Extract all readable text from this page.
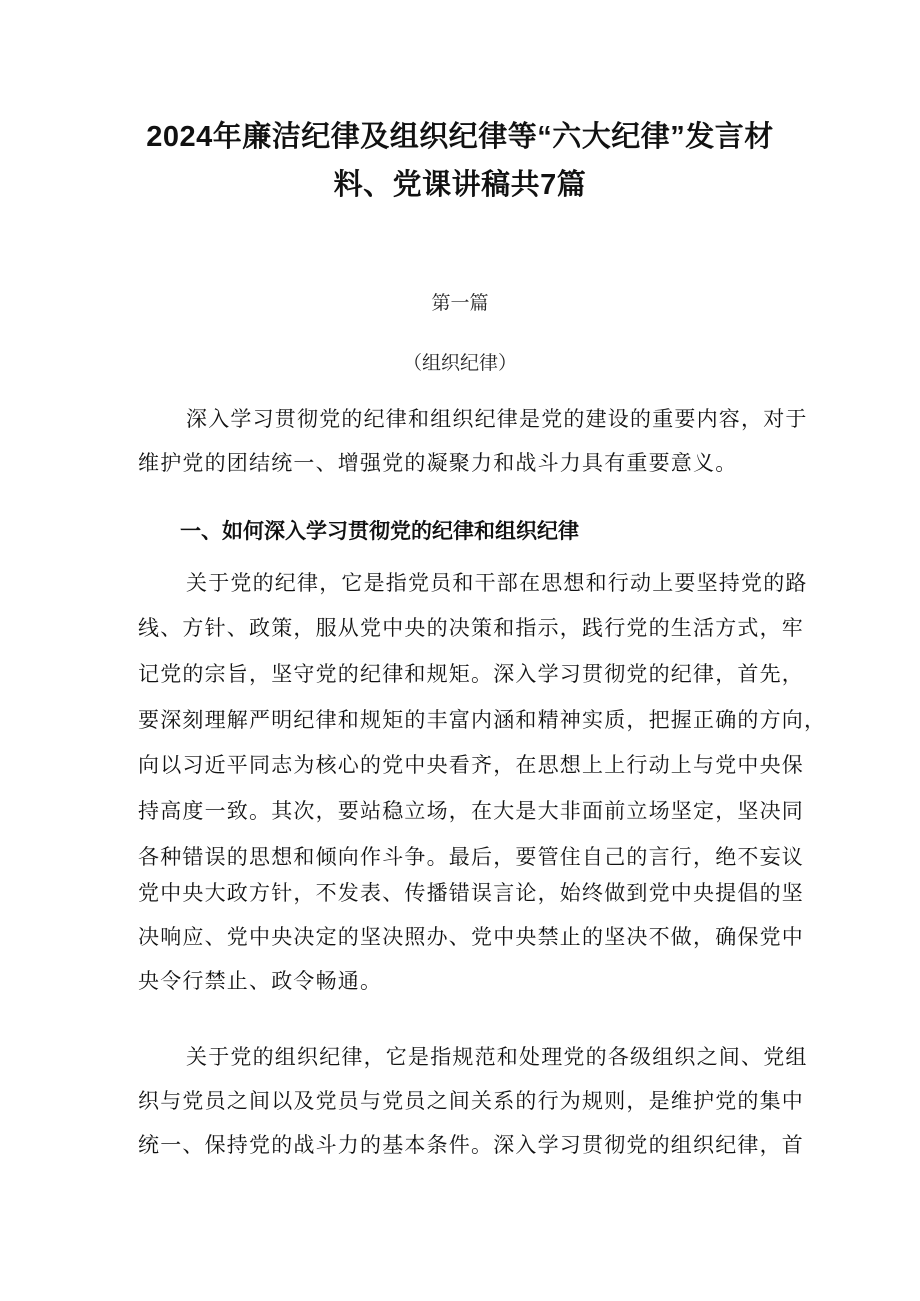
2024年廉洁纪律及组织纪律等“六大纪律”发言材
料、党课讲稿共7篇

第一篇

（组织纪律）

深入学习贯彻党的纪律和组织纪律是党的建设的重要内容，对于

维护党的团结统一、增强党的凝聚力和战斗力具有重要意义。

一、如何深入学习贯彻党的纪律和组织纪律

关于党的纪律，它是指党员和干部在思想和行动上要坚持党的路

线、方针、政策，服从党中央的决策和指示，践行党的生活方式，牢

记党的宗旨，坚守党的纪律和规矩。深入学习贯彻党的纪律，首先，

要深刻理解严明纪律和规矩的丰富内涵和精神实质，把握正确的方向，

向以习近平同志为核心的党中央看齐，在思想上上行动上与党中央保

持高度一致。其次，要站稳立场，在大是大非面前立场坚定，坚决同

各种错误的思想和倾向作斗争。最后，要管住自己的言行，绝不妄议

党中央大政方针，不发表、传播错误言论，始终做到党中央提倡的坚

决响应、党中央决定的坚决照办、党中央禁止的坚决不做，确保党中

央令行禁止、政令畅通。

关于党的组织纪律，它是指规范和处理党的各级组织之间、党组

织与党员之间以及党员与党员之间关系的行为规则，是维护党的集中

统一、保持党的战斗力的基本条件。深入学习贯彻党的组织纪律，首
